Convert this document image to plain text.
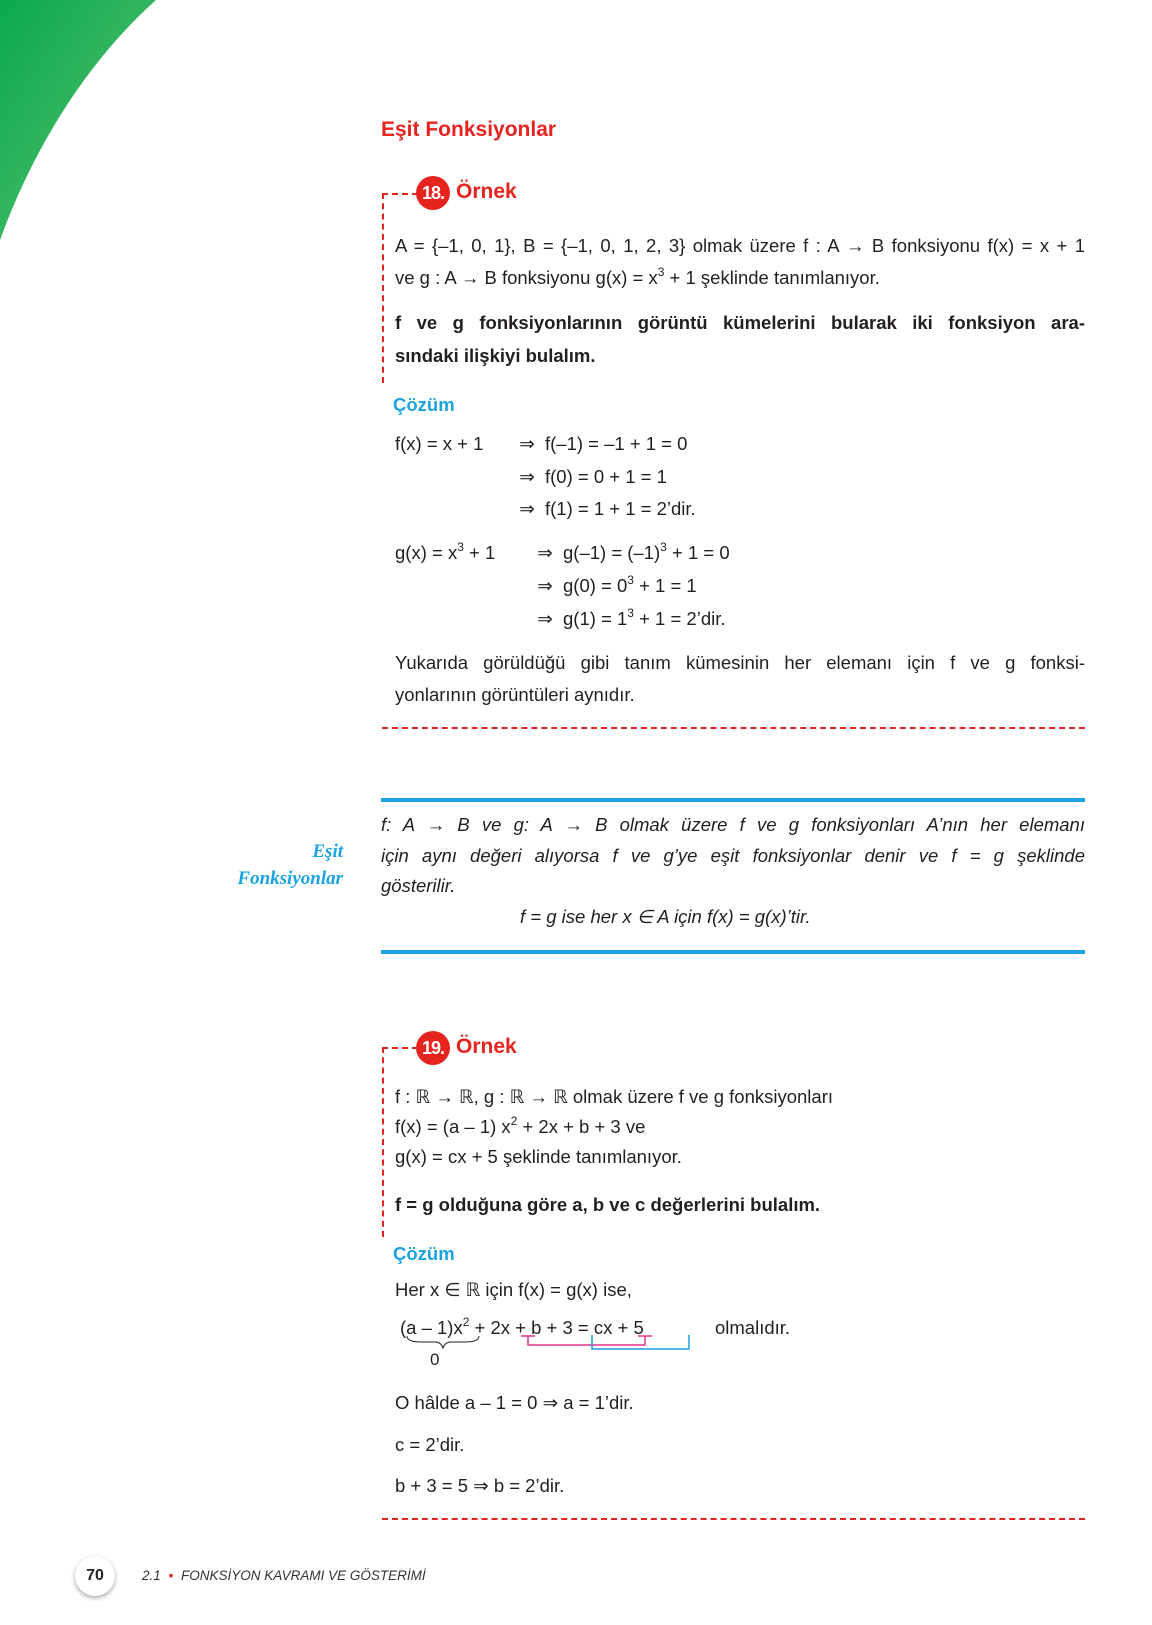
Eşit Fonksiyonlar
18. Örnek
A = {–1, 0, 1}, B = {–1, 0, 1, 2, 3} olmak üzere f : A → B fonksiyonu f(x) = x + 1
ve g : A → B fonksiyonu $g(x) = x^3 + 1$ şeklinde tanımlanıyor.
f ve g fonksiyonlarının görüntü kümelerini bularak iki fonksiyon ara-
sındaki ilişkiyi bulalım.
Çözüm
f(x) = x + 1	⇒ f(–1) = –1 + 1 = 0
⇒ f(0) = 0 + 1 = 1
⇒ f(1) = 1 + 1 = 2’dir.
$g(x) = x^3 + 1$	⇒ $g(-1) = (-1)^3 + 1 = 0$
⇒ $g(0) = 0^3 + 1 = 1$
⇒ $g(1) = 1^3 + 1$ = 2’dir.
Yukarıda görüldüğü gibi tanım kümesinin her elemanı için f ve g fonksi-
yonlarının görüntüleri aynıdır.
Eşit
Fonksiyonlar
f: A → B ve g: A → B olmak üzere f ve g fonksiyonları A’nın her elemanı
için aynı değeri alıyorsa f ve g’ye eşit fonksiyonlar denir ve f = g şeklinde
gösterilir.
f = g ise her x ∈ A için f(x) = g(x)’tir.
19. Örnek
f : ℝ → ℝ, g : ℝ → ℝ olmak üzere f ve g fonksiyonları
f(x) = (a – 1) $x^2 + 2x + b + 3$ ve
g(x) = cx + 5 şeklinde tanımlanıyor.
f = g olduğuna göre a, b ve c değerlerini bulalım.
Çözüm
Her x ∈ ℝ için f(x) = g(x) ise,
$(a - 1)x^2 + 2x + b + 3$ = cx + 5	olmalıdır.
0
O hâlde a – 1 = 0 ⇒ a = 1’dir.
c = 2’dir.
b + 3 = 5 ⇒ b = 2’dir.
70	2.1 • FONKSİYON KAVRAMI VE GÖSTERİMİ
